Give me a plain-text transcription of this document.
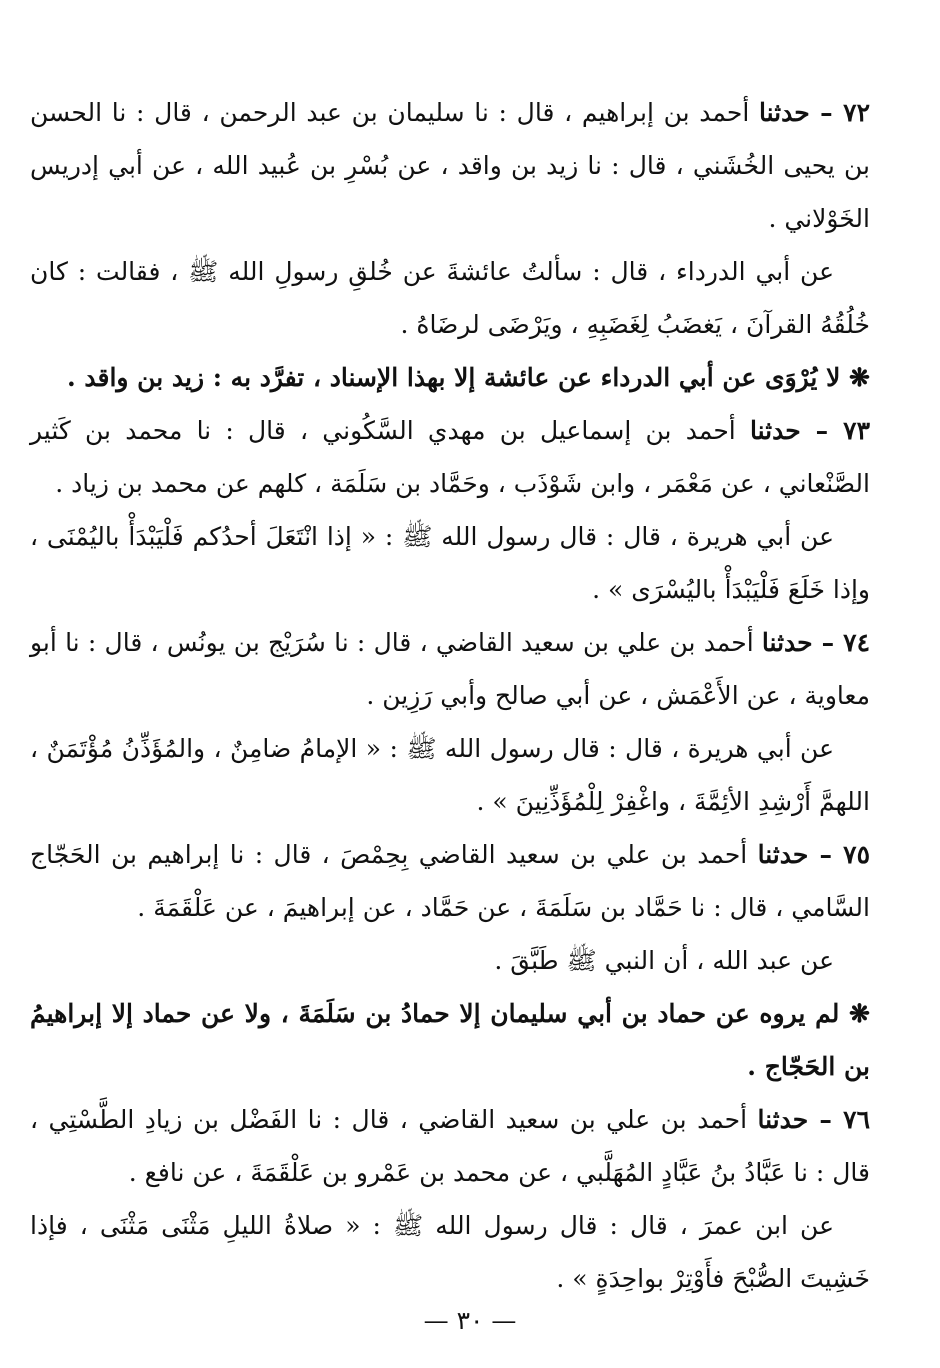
٧٢ – حدثنا أحمد بن إبراهيم ، قال : نا سليمان بن عبد الرحمن ، قال : نا الحسن بن يحيى الخُشَني ، قال : نا زيد بن واقد ، عن بُسْرِ بن عُبيد الله ، عن أبي إدريس الخَوْلاني .

عن أبي الدرداء ، قال : سألتُ عائشةَ عن خُلقِ رسولِ الله ﷺ ، فقالت : كان خُلُقُهُ القرآنَ ، يَغضَبُ لِغَضَبِهِ ، ويَرْضَى لرضَاهُ .

❋ لا يُرْوَى عن أبي الدرداء عن عائشة إلا بهذا الإسناد ، تفرَّد به : زيد بن واقد .

٧٣ – حدثنا أحمد بن إسماعيل بن مهدي السَّكُوني ، قال : نا محمد بن كَثير الصَّنْعاني ، عن مَعْمَر ، وابن شَوْذَب ، وحَمَّاد بن سَلَمَة ، كلهم عن محمد بن زياد .

عن أبي هريرة ، قال : قال رسول الله ﷺ : « إذا انْتَعَلَ أحدُكم فَلْيَبْدَأْ باليُمْنَى ، وإذا خَلَعَ فَلْيَبْدَأْ باليُسْرَى » .

٧٤ – حدثنا أحمد بن علي بن سعيد القاضي ، قال : نا سُرَيْج بن يونُس ، قال : نا أبو معاوية ، عن الأَعْمَش ، عن أبي صالح وأبي رَزِين .

عن أبي هريرة ، قال : قال رسول الله ﷺ : « الإمامُ ضامِنٌ ، والمُؤَذِّنُ مُؤْتَمَنٌ ، اللهمَّ أَرْشِدِ الأئِمَّةَ ، واغْفِرْ لِلْمُؤَذِّنِينَ » .

٧٥ – حدثنا أحمد بن علي بن سعيد القاضي بِحِمْصَ ، قال : نا إبراهيم بن الحَجّاج السَّامي ، قال : نا حَمَّاد بن سَلَمَةَ ، عن حَمَّاد ، عن إبراهيمَ ، عن عَلْقَمَةَ .

عن عبد الله ، أن النبي ﷺ طَبَّقَ .

❋ لم يروه عن حماد بن أبي سليمان إلا حمادُ بن سَلَمَةَ ، ولا عن حماد إلا إبراهيمُ بن الحَجّاج .

٧٦ – حدثنا أحمد بن علي بن سعيد القاضي ، قال : نا الفَضْل بن زيادِ الطَّسْتِي ، قال : نا عَبَّادُ بنُ عَبَّادٍ المُهَلَّبي ، عن محمد بن عَمْرو بن عَلْقَمَةَ ، عن نافع .

عن ابن عمرَ ، قال : قال رسول الله ﷺ : « صلاةُ الليلِ مَثْنَى مَثْنَى ، فإذا خَشِيتَ الصُّبْحَ فأَوْتِرْ بواحِدَةٍ » .

— ٣٠ —
